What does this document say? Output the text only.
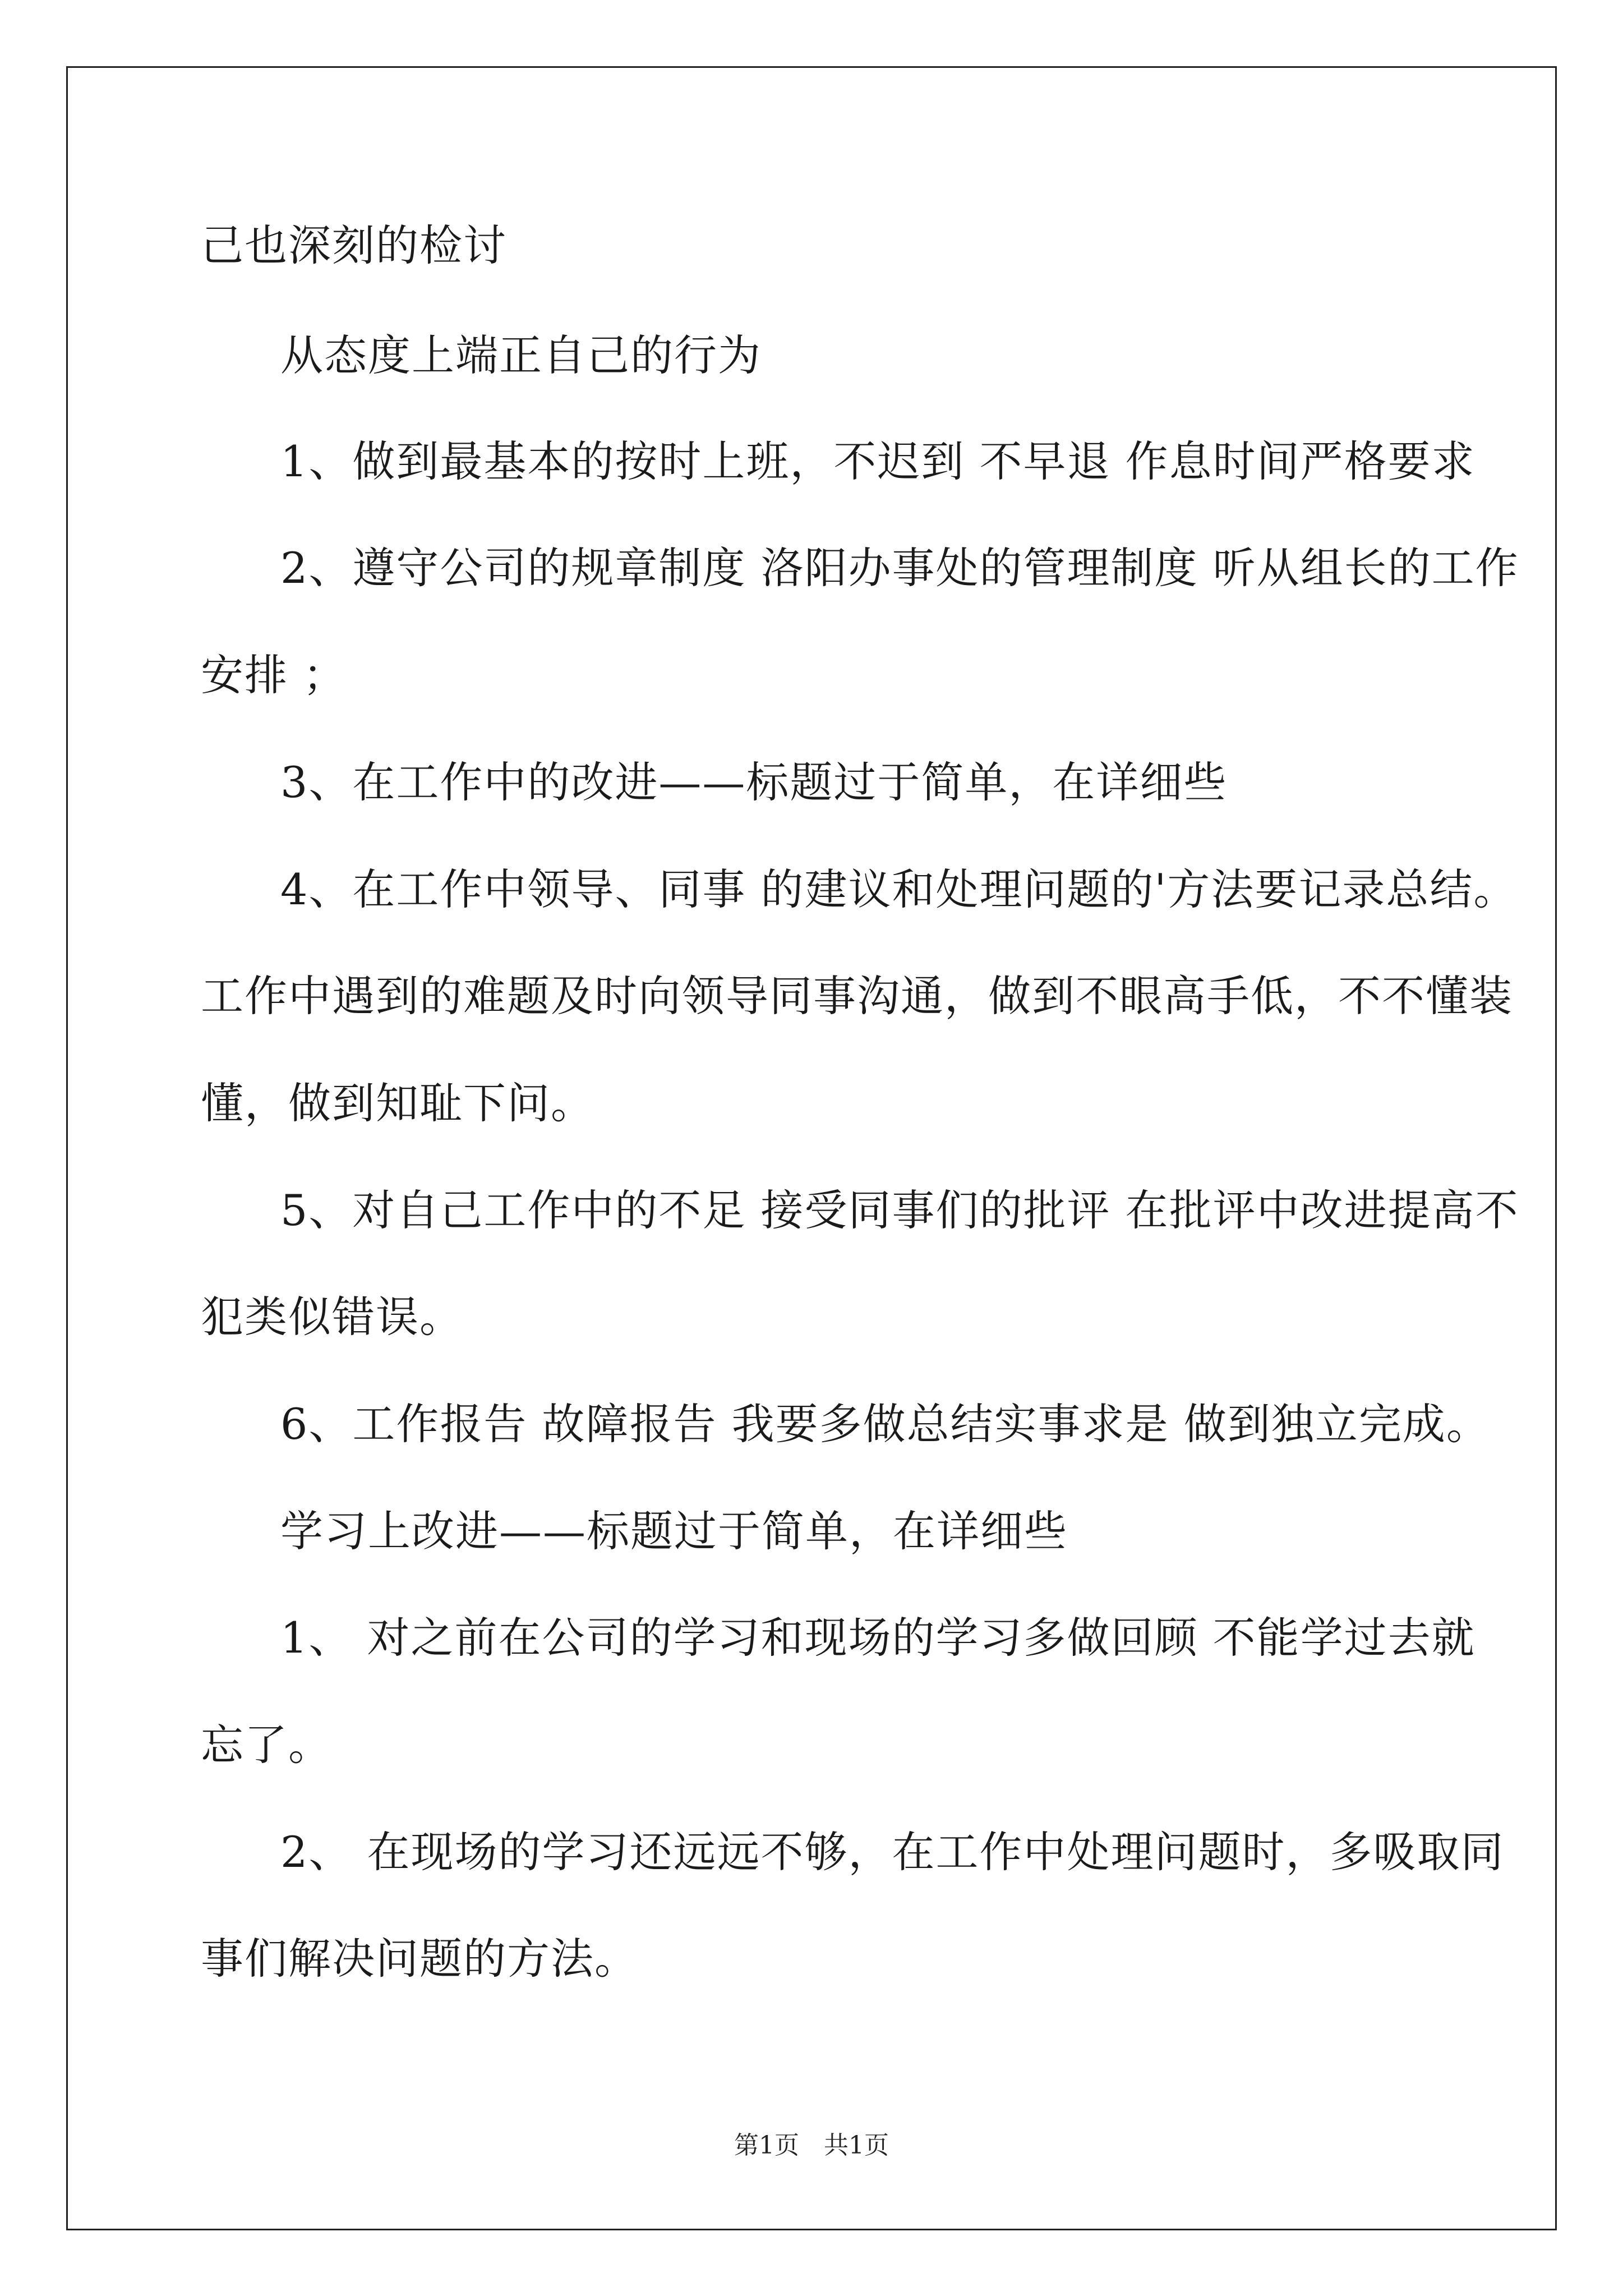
己也深刻的检讨

从态度上端正自己的行为

1、做到最基本的按时上班，不迟到 不早退 作息时间严格要求

2、遵守公司的规章制度 洛阳办事处的管理制度 听从组长的工作

安排 ；

3、在工作中的改进——标题过于简单，在详细些

4、在工作中领导、同事 的建议和处理问题的'方法要记录总结。

工作中遇到的难题及时向领导同事沟通，做到不眼高手低，不不懂装

懂，做到知耻下问。

5、对自己工作中的不足 接受同事们的批评 在批评中改进提高不

犯类似错误。

6、工作报告 故障报告 我要多做总结实事求是 做到独立完成。

学习上改进——标题过于简单，在详细些

1、 对之前在公司的学习和现场的学习多做回顾 不能学过去就

忘了。

2、 在现场的学习还远远不够，在工作中处理问题时，多吸取同

事们解决问题的方法。

第1页　共1页
